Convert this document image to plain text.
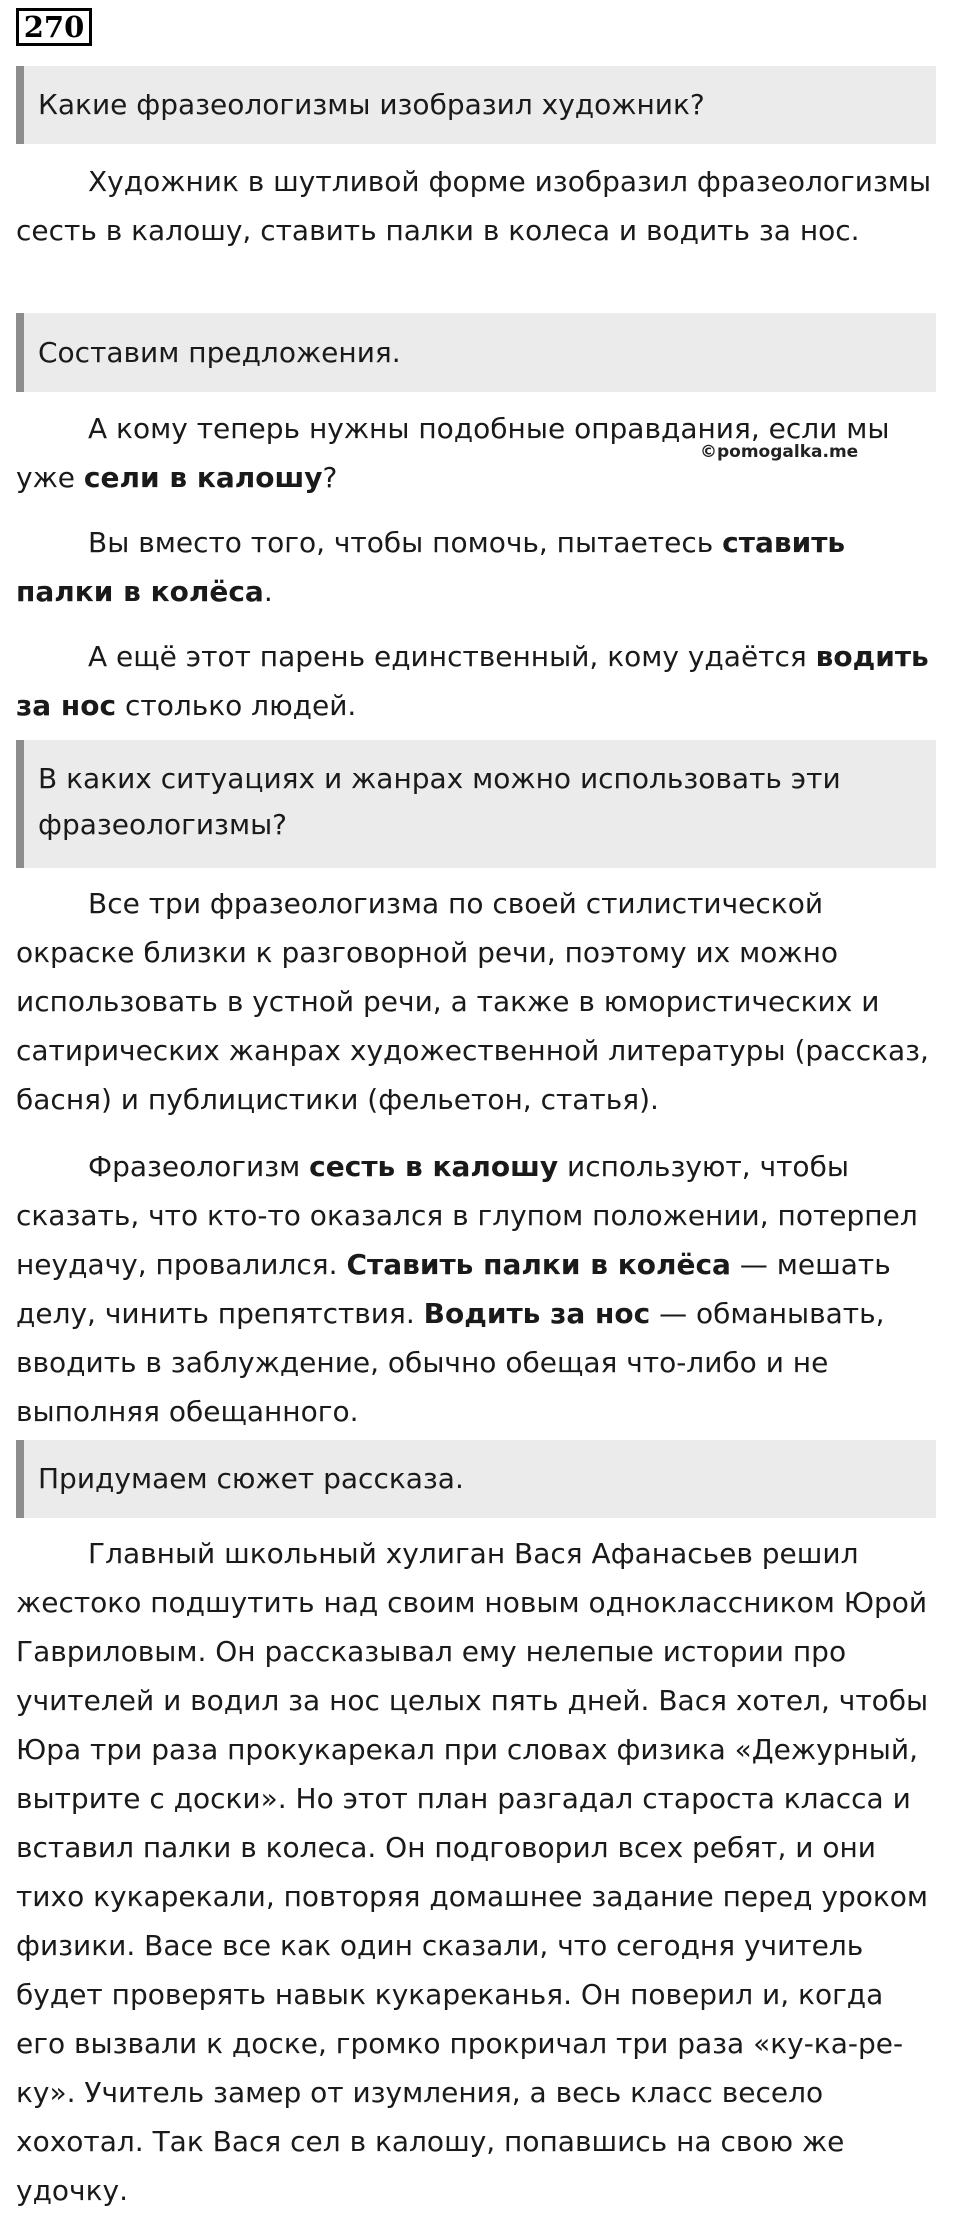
270
Какие фразеологизмы изобразил художник?

Художник в шутливой форме изобразил фразеологизмы сесть в калошу, ставить палки в колеса и водить за нос.

Составим предложения.

А кому теперь нужны подобные оправдания, если мы уже сели в калошу?

©pomogalka.me

Вы вместо того, чтобы помочь, пытаетесь ставить палки в колёса.

А ещё этот парень единственный, кому удаётся водить за нос столько людей.

В каких ситуациях и жанрах можно использовать эти фразеологизмы?

Все три фразеологизма по своей стилистической окраске близки к разговорной речи, поэтому их можно использовать в устной речи, а также в юмористических и сатирических жанрах художественной литературы (рассказ, басня) и публицистики (фельетон, статья).

Фразеологизм сесть в калошу используют, чтобы сказать, что кто-то оказался в глупом положении, потерпел неудачу, провалился. Ставить палки в колёса — мешать делу, чинить препятствия. Водить за нос — обманывать, вводить в заблуждение, обычно обещая что-либо и не выполняя обещанного.

Придумаем сюжет рассказа.

Главный школьный хулиган Вася Афанасьев решил жестоко подшутить над своим новым одноклассником Юрой Гавриловым. Он рассказывал ему нелепые истории про учителей и водил за нос целых пять дней. Вася хотел, чтобы Юра три раза прокукарекал при словах физика «Дежурный, вытрите с доски». Но этот план разгадал староста класса и вставил палки в колеса. Он подговорил всех ребят, и они тихо кукарекали, повторяя домашнее задание перед уроком физики. Васе все как один сказали, что сегодня учитель будет проверять навык кукареканья. Он поверил и, когда его вызвали к доске, громко прокричал три раза «ку-ка-ре-ку». Учитель замер от изумления, а весь класс весело хохотал. Так Вася сел в калошу, попавшись на свою же удочку.
